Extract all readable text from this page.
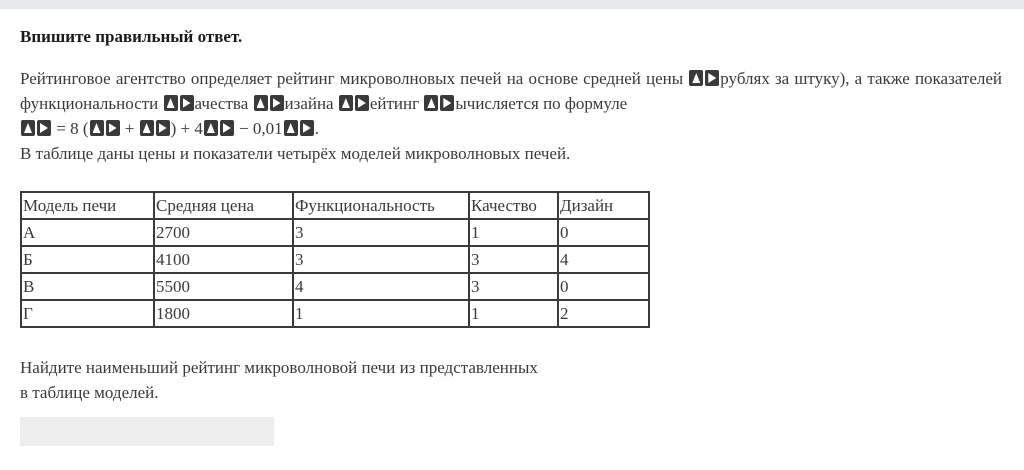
Впишите правильный ответ.

Рейтинговое агентство определяет рейтинг микроволновых печей на основе средней цены рублях за штуку), а также показателей функциональности ачества изайна ейтинг ычисляется по формуле

= 8 ( + ) + 4 − 0,01 .
В таблице даны цены и показатели четырёх моделей микроволновых печей.
Модель печи	Средняя цена	Функциональность	Качество	Дизайн
А	2700	3	1	0
Б	4100	3	3	4
В	5500	4	3	0
Г	1800	1	1	2
Найдите наименьший рейтинг микроволновой печи из представленных
в таблице моделей.
